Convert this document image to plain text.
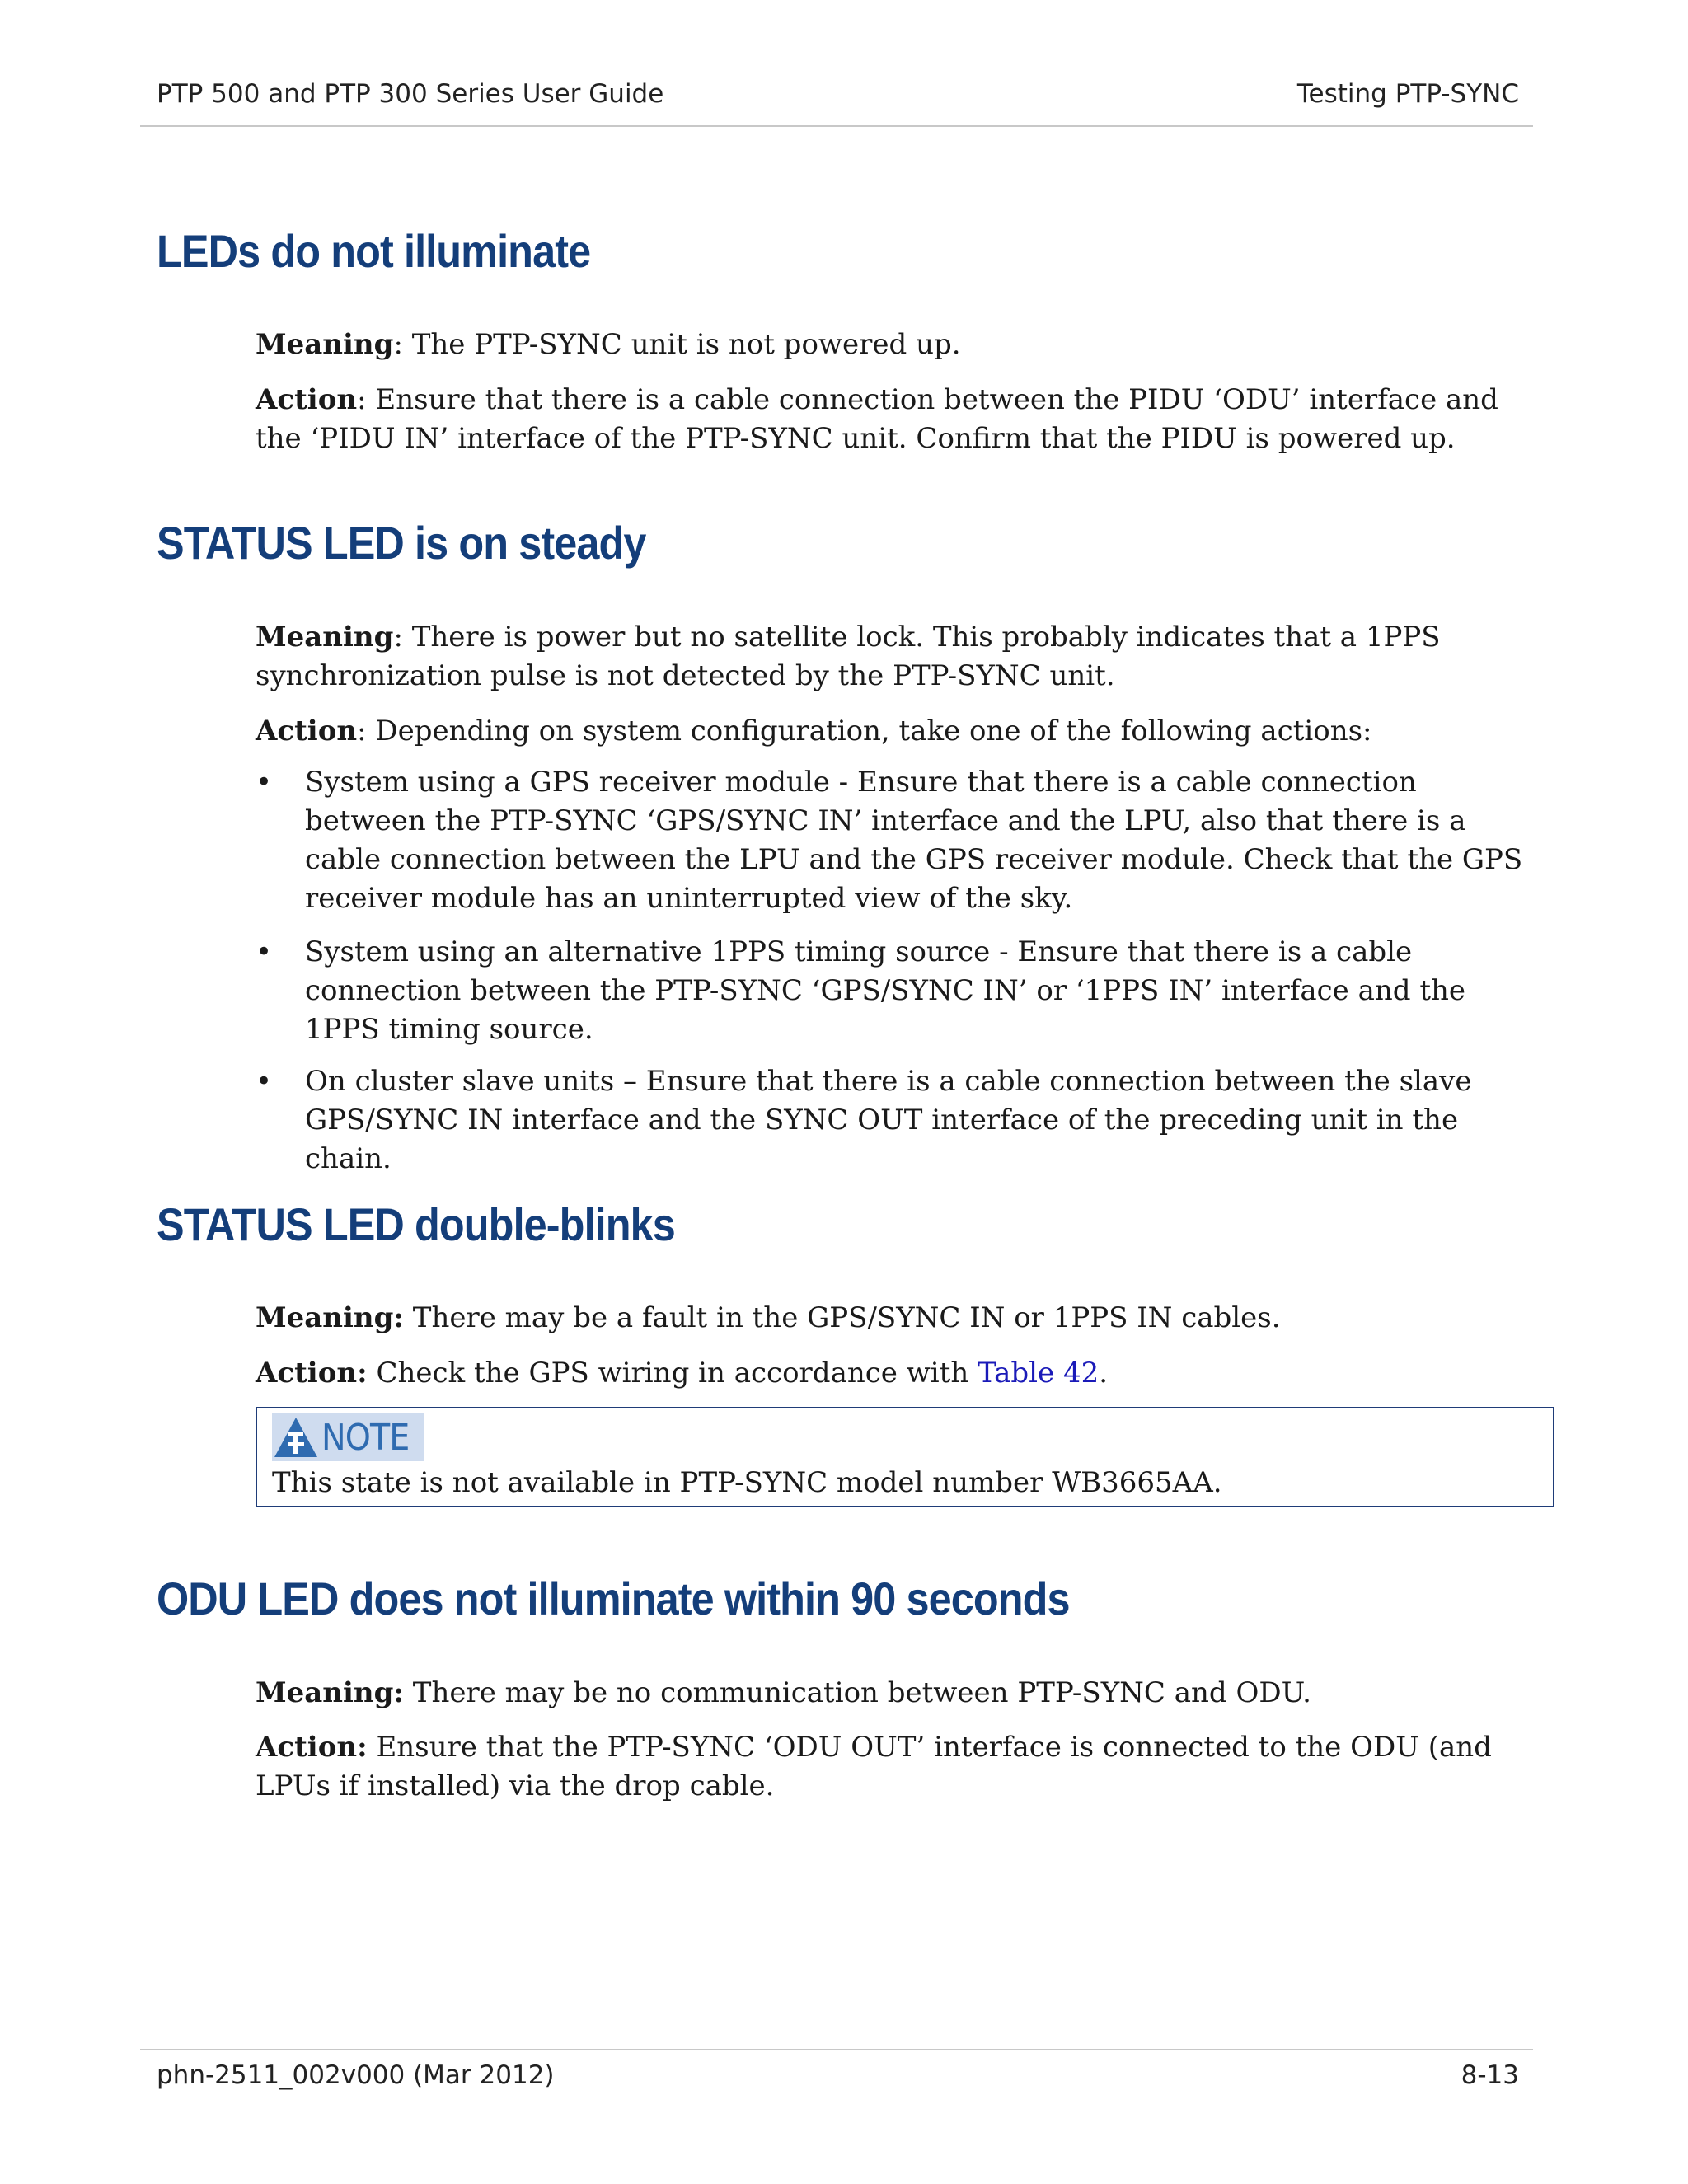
PTP 500 and PTP 300 Series User Guide	Testing PTP-SYNC
LEDs do not illuminate

Meaning: The PTP-SYNC unit is not powered up.

Action: Ensure that there is a cable connection between the PIDU ‘ODU’ interface and the ‘PIDU IN’ interface of the PTP-SYNC unit. Confirm that the PIDU is powered up.

STATUS LED is on steady

Meaning: There is power but no satellite lock. This probably indicates that a 1PPS synchronization pulse is not detected by the PTP-SYNC unit.

Action: Depending on system configuration, take one of the following actions:

• System using a GPS receiver module - Ensure that there is a cable connection between the PTP-SYNC ‘GPS/SYNC IN’ interface and the LPU, also that there is a cable connection between the LPU and the GPS receiver module. Check that the GPS receiver module has an uninterrupted view of the sky.
• System using an alternative 1PPS timing source - Ensure that there is a cable connection between the PTP-SYNC ‘GPS/SYNC IN’ or ‘1PPS IN’ interface and the 1PPS timing source.
• On cluster slave units – Ensure that there is a cable connection between the slave GPS/SYNC IN interface and the SYNC OUT interface of the preceding unit in the chain.
STATUS LED double-blinks

Meaning: There may be a fault in the GPS/SYNC IN or 1PPS IN cables.

Action: Check the GPS wiring in accordance with Table 42.

NOTE
This state is not available in PTP-SYNC model number WB3665AA.
ODU LED does not illuminate within 90 seconds

Meaning: There may be no communication between PTP-SYNC and ODU.

Action: Ensure that the PTP-SYNC ‘ODU OUT’ interface is connected to the ODU (and LPUs if installed) via the drop cable.

phn-2511_002v000 (Mar 2012)	8-13
